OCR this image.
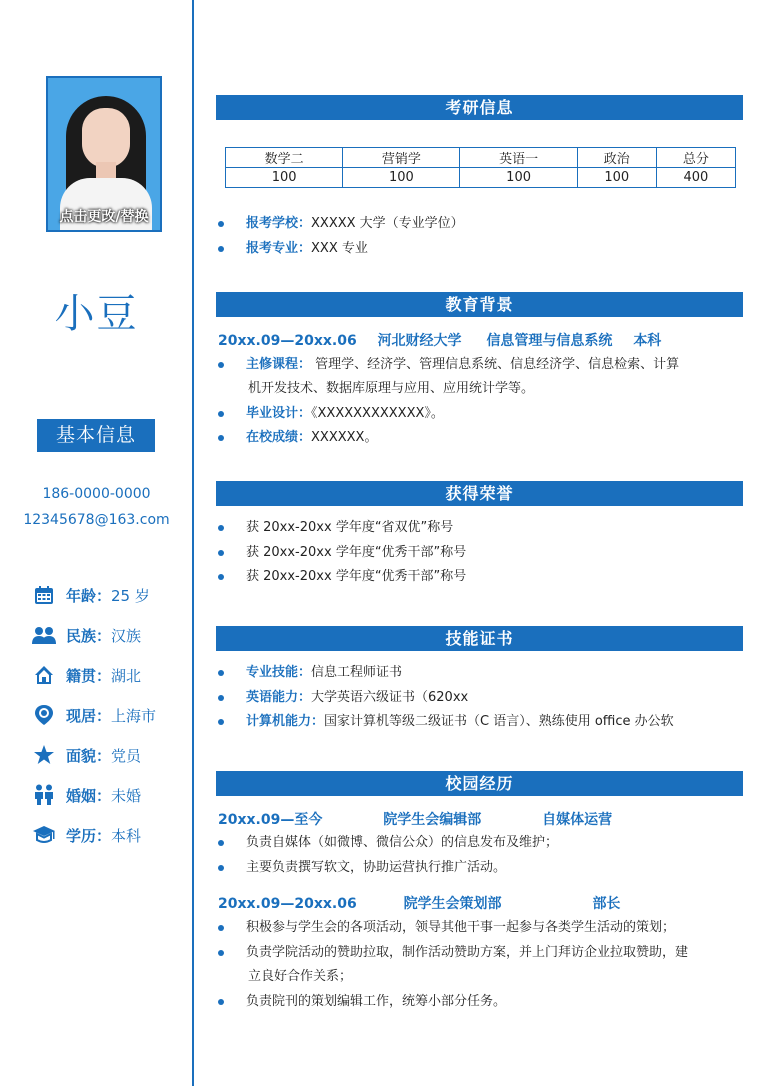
点击更改/替换
小豆
基本信息
186-0000-0000
12345678@163.com
年龄： 25 岁
民族： 汉族
籍贯： 湖北
现居： 上海市
面貌： 党员
婚姻： 未婚
学历： 本科
考研信息
数学二	营销学	英语一	政治	总分
100	100	100	100	400
报考学校：XXXXX 大学（专业学位）
报考专业：XXX 专业
教育背景
20xx.09—20xx.06 河北财经大学 信息管理与信息系统 本科
主修课程： 管理学、经济学、管理信息系统、信息经济学、信息检索、计算
机开发技术、数据库原理与应用、应用统计学等。
毕业设计：《XXXXXXXXXXXX》。
在校成绩：XXXXXX。
获得荣誉
获 20xx-20xx 学年度“省双优”称号
获 20xx-20xx 学年度“优秀干部”称号
获 20xx-20xx 学年度“优秀干部”称号
技能证书
专业技能：信息工程师证书
英语能力：大学英语六级证书（620xx
计算机能力：国家计算机等级二级证书（C 语言）、熟练使用 office 办公软
校园经历
20xx.09—至今	院学生会编辑部	自媒体运营
负责自媒体（如微博、微信公众）的信息发布及维护；
主要负责撰写软文，协助运营执行推广活动。
20xx.09—20xx.06	院学生会策划部	部长
积极参与学生会的各项活动，领导其他干事一起参与各类学生活动的策划；
负责学院活动的赞助拉取，制作活动赞助方案，并上门拜访企业拉取赞助，建
立良好合作关系；
负责院刊的策划编辑工作，统筹小部分任务。
